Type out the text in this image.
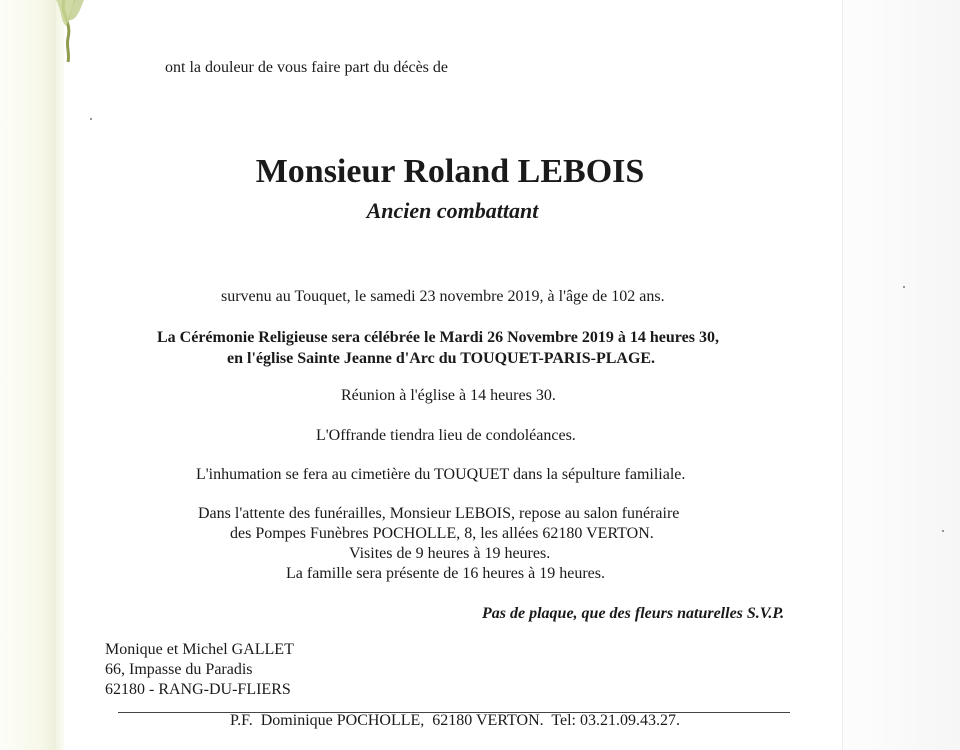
ont la douleur de vous faire part du décès de
Monsieur Roland LEBOIS
Ancien combattant
survenu au Touquet, le samedi 23 novembre 2019, à l'âge de 102 ans.
La Cérémonie Religieuse sera célébrée le Mardi 26 Novembre 2019 à 14 heures 30,
en l'église Sainte Jeanne d'Arc du TOUQUET-PARIS-PLAGE.
Réunion à l'église à 14 heures 30.
L'Offrande tiendra lieu de condoléances.
L'inhumation se fera au cimetière du TOUQUET dans la sépulture familiale.
Dans l'attente des funérailles, Monsieur LEBOIS, repose au salon funéraire
des Pompes Funèbres POCHOLLE, 8, les allées 62180 VERTON.
Visites de 9 heures à 19 heures.
La famille sera présente de 16 heures à 19 heures.
Pas de plaque, que des fleurs naturelles S.V.P.
Monique et Michel GALLET
66, Impasse du Paradis
62180 - RANG-DU-FLIERS
P.F.  Dominique POCHOLLE,  62180 VERTON.  Tel: 03.21.09.43.27.
